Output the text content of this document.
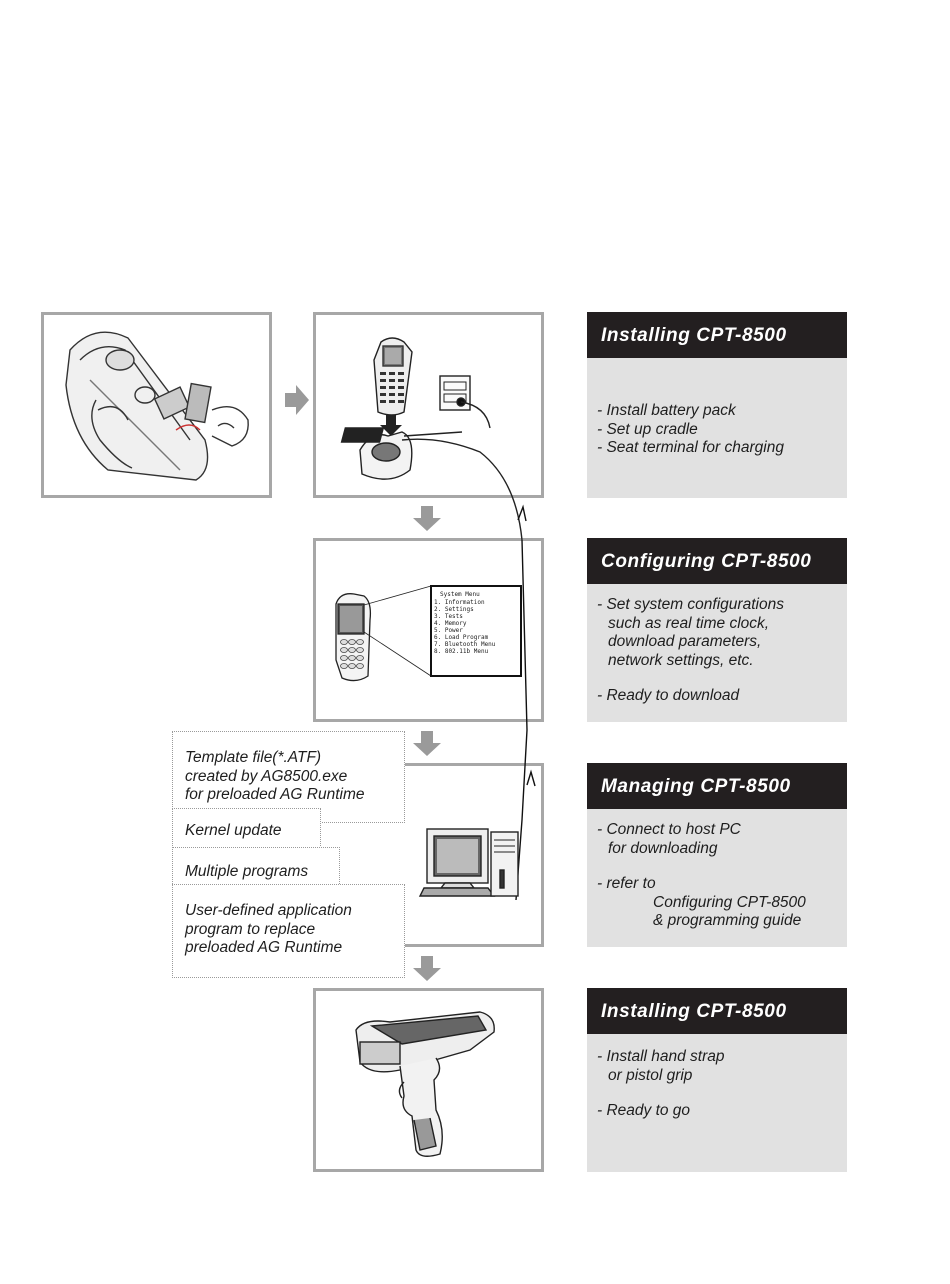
System Menu
1. Information
2. Settings
3. Tests
4. Memory
5. Power
6. Load Program
7. Bluetooth Menu
8. 802.11b Menu
Installing CPT-8500

- Install battery pack

- Set up cradle

- Seat terminal for charging

Configuring CPT-8500

- Set system configurations

such as real time clock,

download parameters,

network settings, etc.

- Ready to download

Managing CPT-8500

- Connect to host PC

for downloading

- refer to

Configuring CPT-8500

& programming guide

Installing CPT-8500

- Install hand strap

or pistol grip

- Ready to go

Template file(*.ATF)

created by AG8500.exe

for preloaded AG Runtime

Kernel update

Multiple programs

User-defined application

program to replace

preloaded AG Runtime
